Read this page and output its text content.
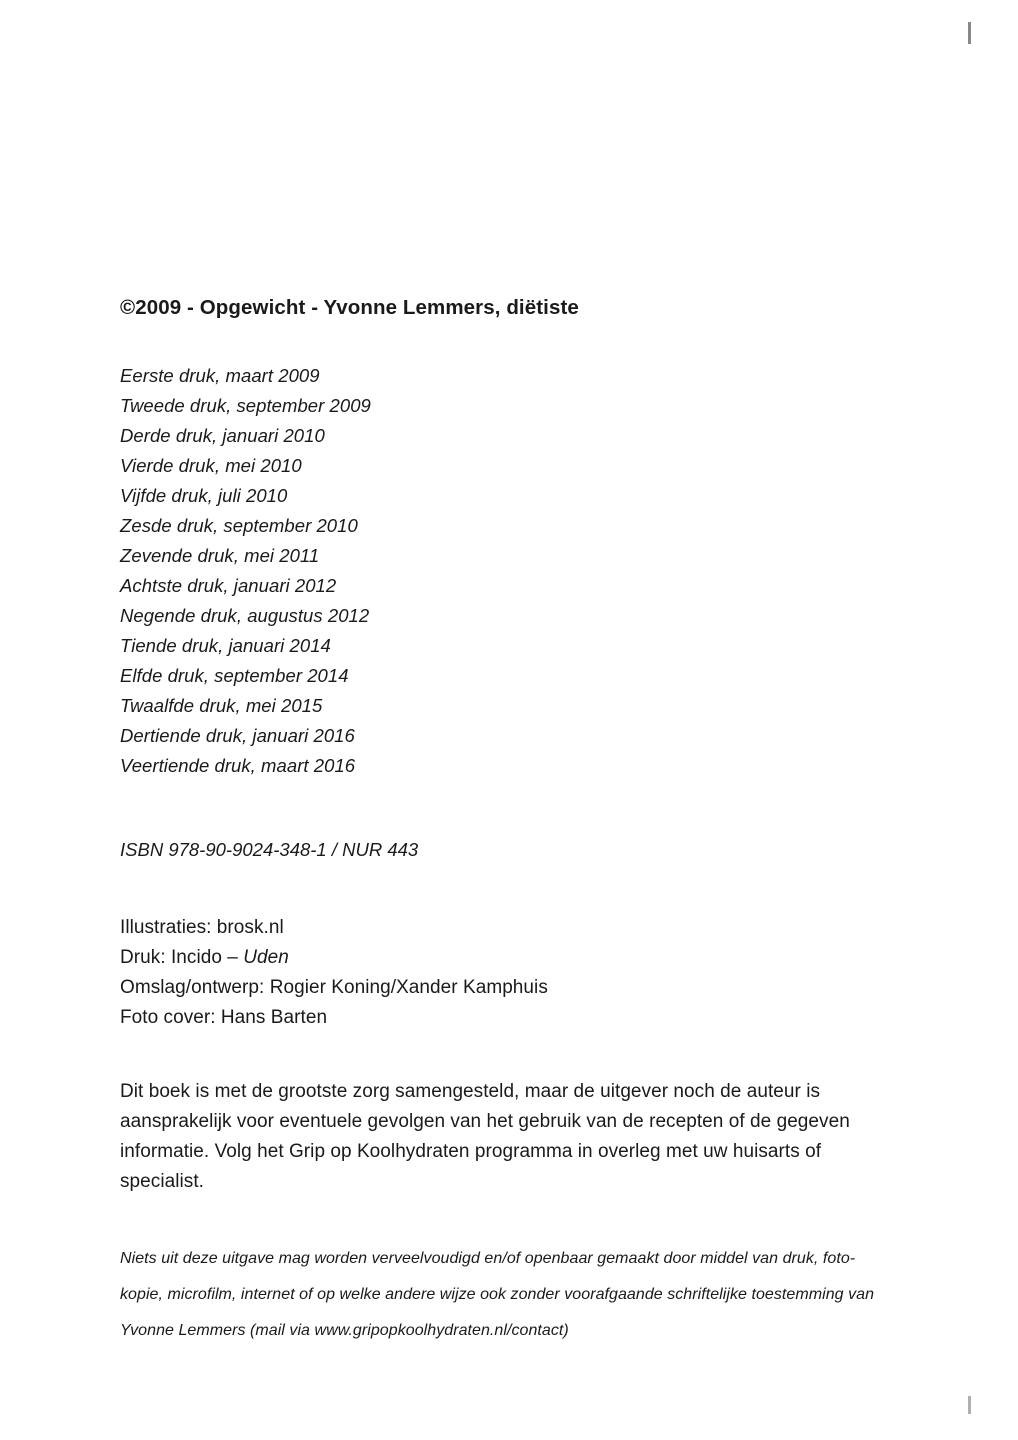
©2009 - Opgewicht - Yvonne Lemmers, diëtiste
Eerste druk, maart 2009
Tweede druk, september 2009
Derde druk, januari 2010
Vierde druk, mei 2010
Vijfde druk, juli 2010
Zesde druk, september 2010
Zevende druk, mei 2011
Achtste druk, januari 2012
Negende druk, augustus 2012
Tiende druk, januari 2014
Elfde druk, september 2014
Twaalfde druk, mei 2015
Dertiende druk, januari 2016
Veertiende druk, maart 2016

ISBN 978-90-9024-348-1 / NUR 443

Illustraties: brosk.nl
Druk: Incido – Uden
Omslag/ontwerp: Rogier Koning/Xander Kamphuis
Foto cover: Hans Barten

Dit boek is met de grootste zorg samengesteld, maar de uitgever noch de auteur is aansprakelijk voor eventuele gevolgen van het gebruik van de recepten of de gegeven informatie. Volg het Grip op Koolhydraten programma in overleg met uw huisarts of specialist.

Niets uit deze uitgave mag worden verveelvoudigd en/of openbaar gemaakt door middel van druk, foto-kopie, microfilm, internet of op welke andere wijze ook zonder voorafgaande schriftelijke toestemming van Yvonne Lemmers (mail via www.gripopkoolhydraten.nl/contact)
